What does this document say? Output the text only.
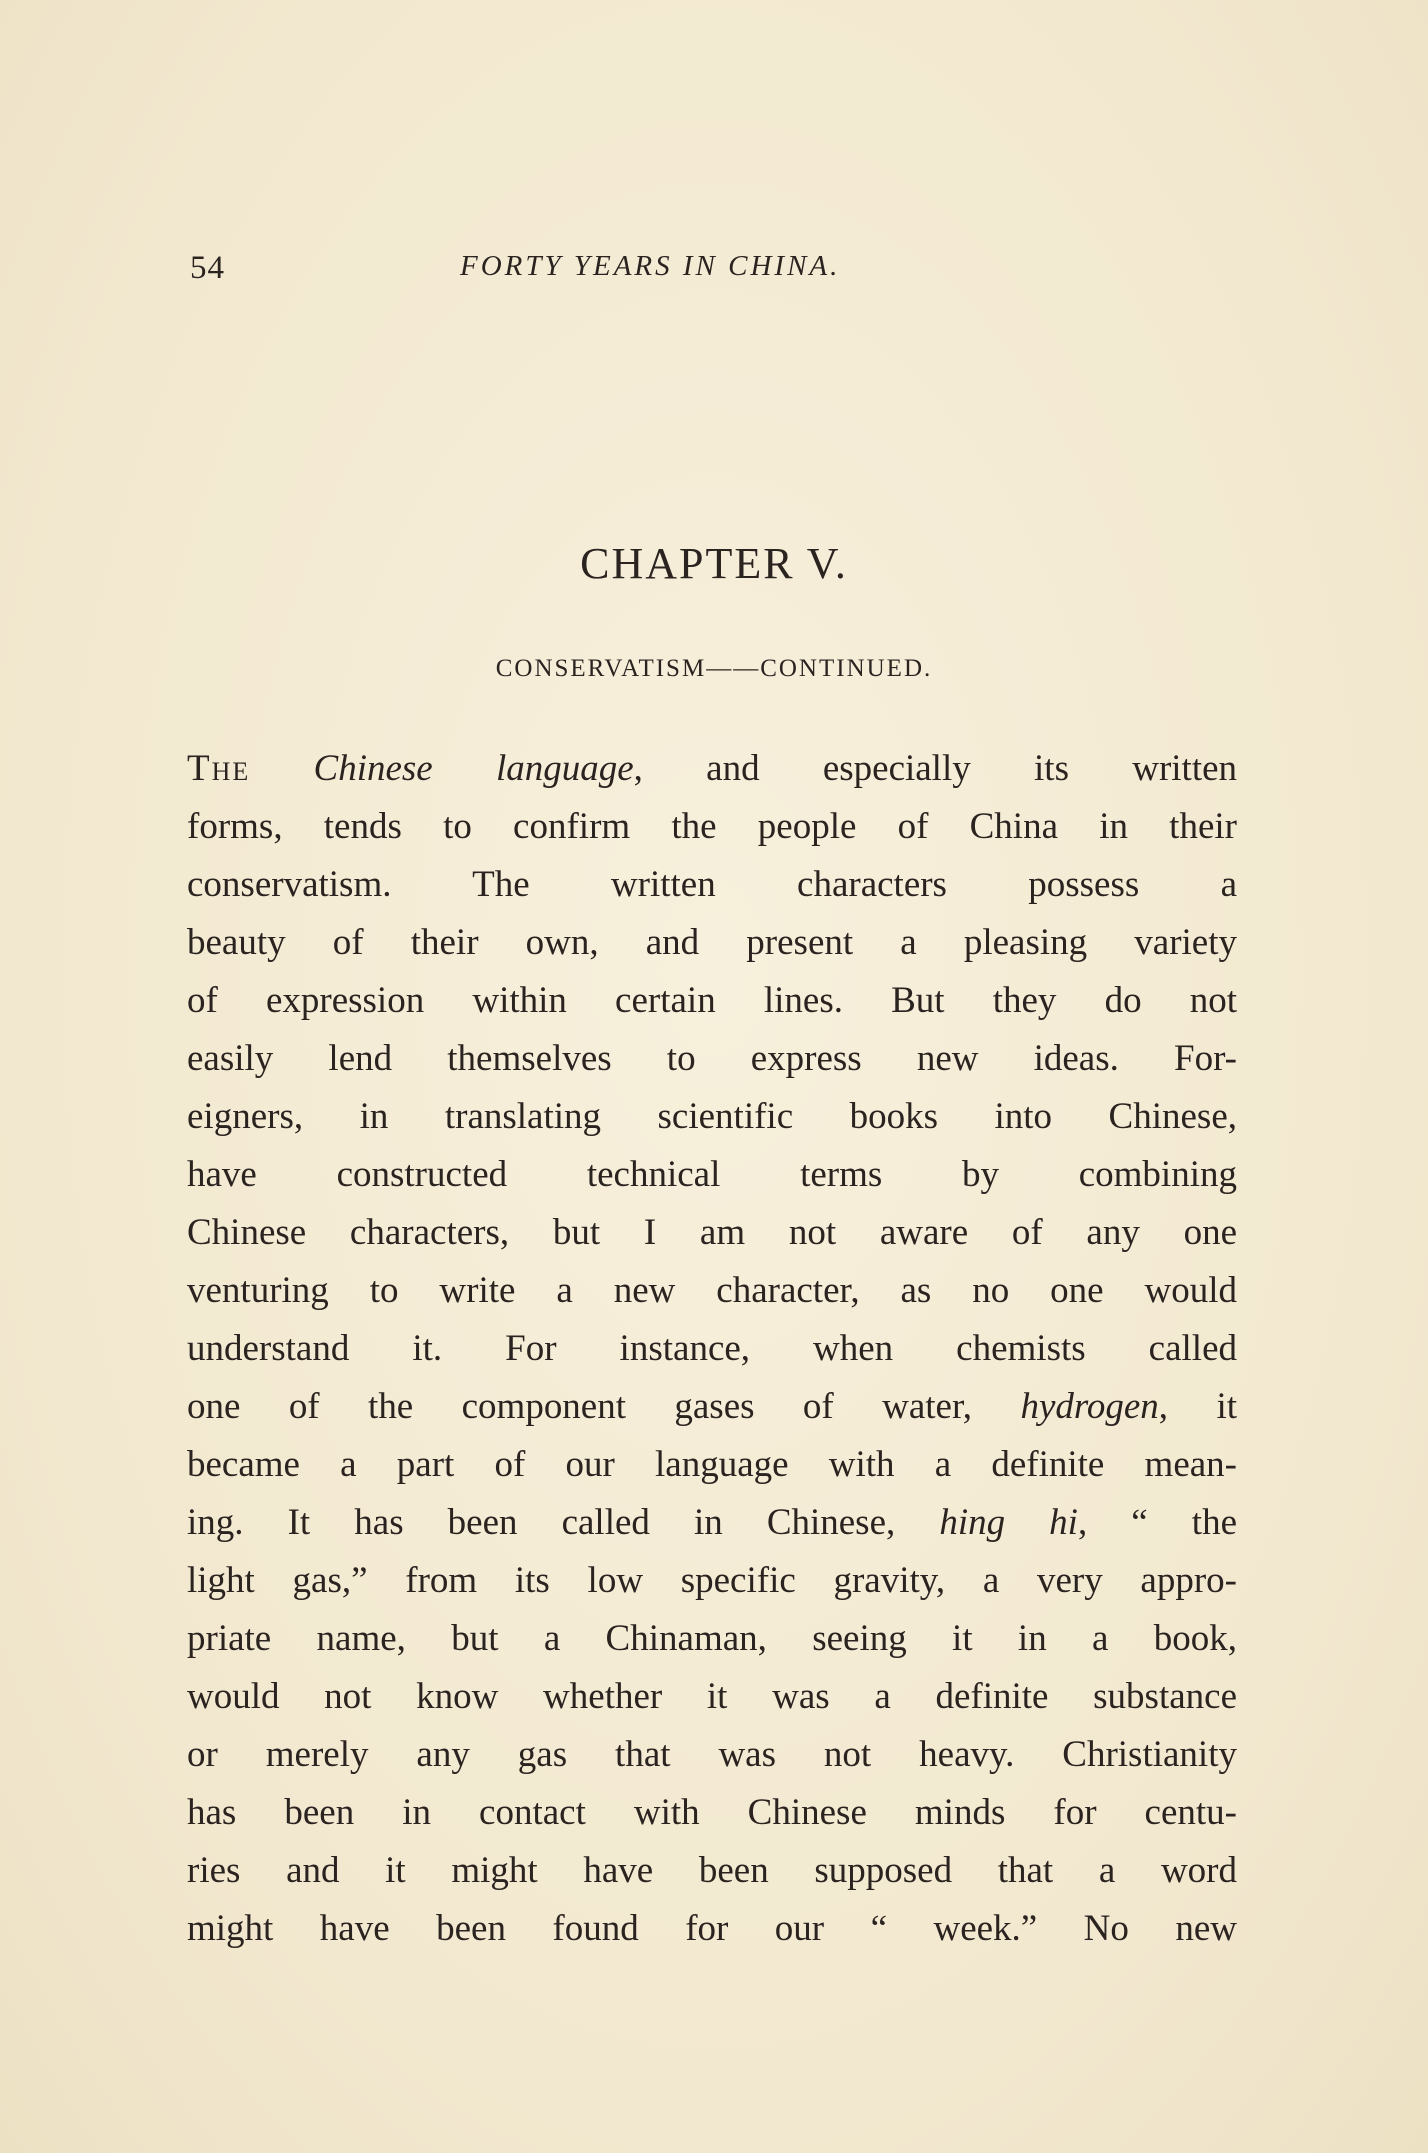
54	FORTY YEARS IN CHINA.
CHAPTER V.
CONSERVATISM——CONTINUED.
The Chinese language, and especially its written
forms, tends to confirm the people of China in their
conservatism. The written characters possess a
beauty of their own, and present a pleasing variety
of expression within certain lines. But they do not
easily lend themselves to express new ideas. For-
eigners, in translating scientific books into Chinese,
have constructed technical terms by combining
Chinese characters, but I am not aware of any one
venturing to write a new character, as no one would
understand it. For instance, when chemists called
one of the component gases of water, hydrogen, it
became a part of our language with a definite mean-
ing. It has been called in Chinese, hing hi, “ the
light gas,” from its low specific gravity, a very appro-
priate name, but a Chinaman, seeing it in a book,
would not know whether it was a definite substance
or merely any gas that was not heavy. Christianity
has been in contact with Chinese minds for centu-
ries and it might have been supposed that a word
might have been found for our “ week.” No new
